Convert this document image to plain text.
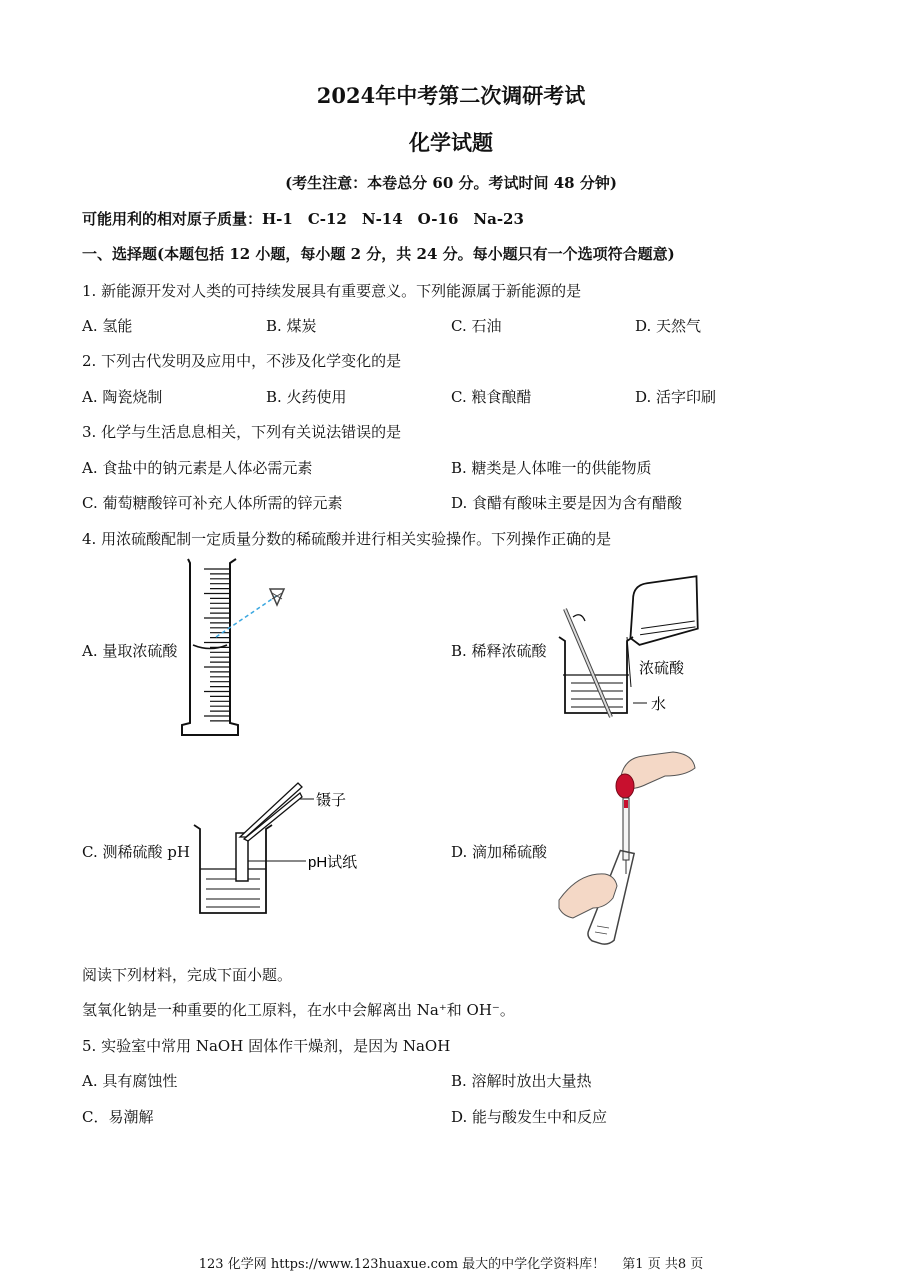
2024年中考第二次调研考试
化学试题
(考生注意：本卷总分 60 分。考试时间 48 分钟)
可能用利的相对原子质量：H-1　C-12　N-14　O-16　Na-23
一、选择题(本题包括 12 小题，每小题 2 分，共 24 分。每小题只有一个选项符合题意)
1. 新能源开发对人类的可持续发展具有重要意义。下列能源属于新能源的是
A. 氢能	B. 煤炭	C. 石油	D. 天然气
2. 下列古代发明及应用中，不涉及化学变化的是
A. 陶瓷烧制	B. 火药使用	C. 粮食酿醋	D. 活字印刷
3. 化学与生活息息相关，下列有关说法错误的是
A. 食盐中的钠元素是人体必需元素	B. 糖类是人体唯一的供能物质
C. 葡萄糖酸锌可补充人体所需的锌元素	D. 食醋有酸味主要是因为含有醋酸
4. 用浓硫酸配制一定质量分数的稀硫酸并进行相关实验操作。下列操作正确的是
A. 量取浓硫酸	B. 稀释浓硫酸
浓硫酸
水
C. 测稀硫酸 pH
镊子
pH试纸
D. 滴加稀硫酸
阅读下列材料，完成下面小题。
氢氧化钠是一种重要的化工原料，在水中会解离出 Na⁺和 OH⁻。
5. 实验室中常用 NaOH 固体作干燥剂，是因为 NaOH
A. 具有腐蚀性	B. 溶解时放出大量热
C．易潮解	D. 能与酸发生中和反应
123 化学网 https://www.123huaxue.com 最大的中学化学资料库！　 第1 页 共8 页
